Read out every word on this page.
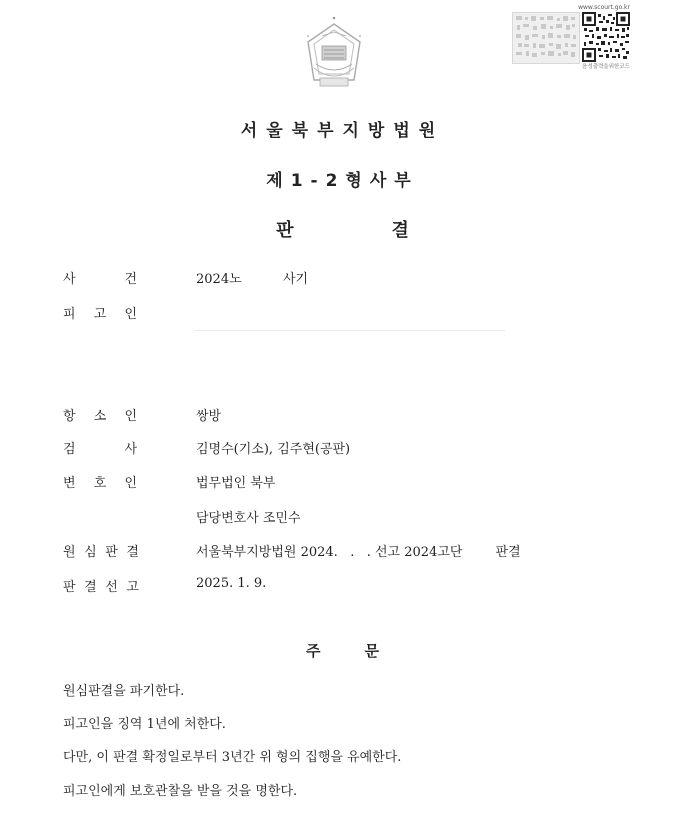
www.scourt.go.kr
음성출력을위한코드
서울북부지방법원
제1-2형사부
판	결
사	건	2024노          사기
피 고 인
항 소 인	쌍방
검	사	김명수(기소), 김주현(공판)
변 호 인	법무법인 북부
담당변호사 조민수
원 심 판 결	서울북부지방법원 2024.   .   . 선고 2024고단        판결
판 결 선 고	2025. 1. 9.
주	문
원심판결을 파기한다.
피고인을 징역 1년에 처한다.
다만, 이 판결 확정일로부터 3년간 위 형의 집행을 유예한다.
피고인에게 보호관찰을 받을 것을 명한다.
